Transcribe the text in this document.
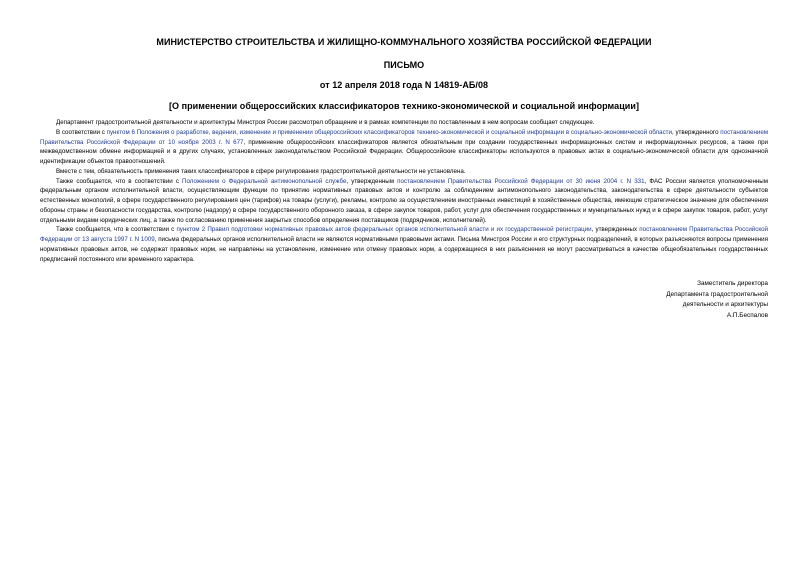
МИНИСТЕРСТВО СТРОИТЕЛЬСТВА И ЖИЛИЩНО-КОММУНАЛЬНОГО ХОЗЯЙСТВА РОССИЙСКОЙ ФЕДЕРАЦИИ
ПИСЬМО
от 12 апреля 2018 года N 14819-АБ/08
[О применении общероссийских классификаторов технико-экономической и социальной информации]

Департамент градостроительной деятельности и архитектуры Минстроя России рассмотрел обращение и в рамках компетенции по поставленным в нем вопросам сообщает следующее.

В соответствии с пунктом 6 Положения о разработке, ведении, изменении и применении общероссийских классификаторов технико-экономической и социальной информации в социально-экономической области, утвержденного постановлением Правительства Российской Федерации от 10 ноября 2003 г. N 677, применение общероссийских классификаторов является обязательным при создании государственных информационных систем и информационных ресурсов, а также при межведомственном обмене информацией и в других случаях, установленных законодательством Российской Федерации. Общероссийские классификаторы используются в правовых актах в социально-экономической области для однозначной идентификации объектов правоотношений.

Вместе с тем, обязательность применения таких классификаторов в сфере регулирования градостроительной деятельности не установлена.

Также сообщается, что в соответствии с Положением о Федеральной антимонопольной службе, утвержденным постановлением Правительства Российской Федерации от 30 июня 2004 г. N 331, ФАС России является уполномоченным федеральным органом исполнительной власти, осуществляющим функции по принятию нормативных правовых актов и контролю за соблюдением антимонопольного законодательства, законодательства в сфере деятельности субъектов естественных монополий, в сфере государственного регулирования цен (тарифов) на товары (услуги), рекламы, контролю за осуществлением иностранных инвестиций в хозяйственные общества, имеющие стратегическое значение для обеспечения обороны страны и безопасности государства, контролю (надзору) в сфере государственного оборонного заказа, в сфере закупок товаров, работ, услуг для обеспечения государственных и муниципальных нужд и в сфере закупок товаров, работ, услуг отдельными видами юридических лиц, а также по согласованию применения закрытых способов определения поставщиков (подрядчиков, исполнителей).

Также сообщается, что в соответствии с пунктом 2 Правил подготовки нормативных правовых актов федеральных органов исполнительной власти и их государственной регистрации, утвержденных постановлением Правительства Российской Федерации от 13 августа 1997 г. N 1009, письма федеральных органов исполнительной власти не являются нормативными правовыми актами. Письма Минстроя России и его структурных подразделений, в которых разъясняются вопросы применения нормативных правовых актов, не содержат правовых норм, не направлены на установление, изменение или отмену правовых норм, а содержащиеся в них разъяснения не могут рассматриваться в качестве общеобязательных государственных предписаний постоянного или временного характера.

Заместитель директора
Департамента градостроительной
деятельности и архитектуры
А.П.Беспалов
